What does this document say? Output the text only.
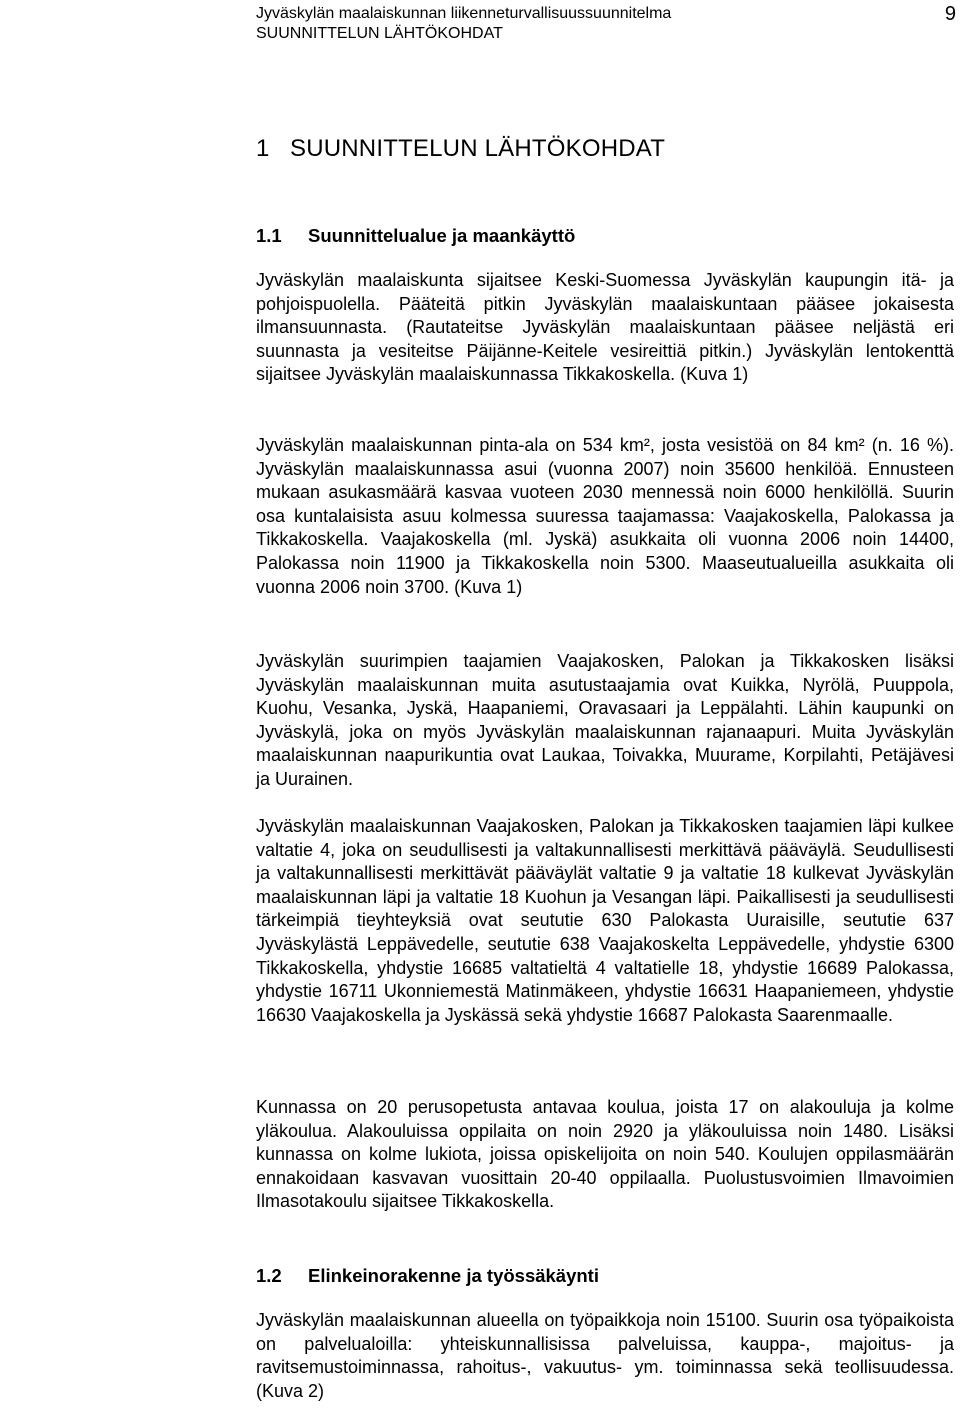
Jyväskylän maalaiskunnan liikenneturvallisuussuunnitelma
SUUNNITTELUN LÄHTÖKOHDAT
9
1 SUUNNITTELUN LÄHTÖKOHDAT
1.1 Suunnittelualue ja maankäyttö

Jyväskylän maalaiskunta sijaitsee Keski-Suomessa Jyväskylän kaupungin itä- ja pohjoispuolella. Pääteitä pitkin Jyväskylän maalaiskuntaan pääsee jokaisesta ilmansuunnasta. (Rautateitse Jyväskylän maalaiskuntaan pääsee neljästä eri suunnasta ja vesiteitse Päijänne-Keitele vesireittiä pitkin.) Jyväskylän lentokenttä sijaitsee Jyväskylän maalaiskunnassa Tikkakoskella. (Kuva 1)

Jyväskylän maalaiskunnan pinta-ala on 534 km², josta vesistöä on 84 km² (n. 16 %). Jyväskylän maalaiskunnassa asui (vuonna 2007) noin 35600 henkilöä. Ennusteen mukaan asukasmäärä kasvaa vuoteen 2030 mennessä noin 6000 henkilöllä. Suurin osa kuntalaisista asuu kolmessa suuressa taajamassa: Vaajakoskella, Palokassa ja Tikkakoskella. Vaajakoskella (ml. Jyskä) asukkaita oli vuonna 2006 noin 14400, Palokassa noin 11900 ja Tikkakoskella noin 5300. Maaseutualueilla asukkaita oli vuonna 2006 noin 3700. (Kuva 1)

Jyväskylän suurimpien taajamien Vaajakosken, Palokan ja Tikkakosken lisäksi Jyväskylän maalaiskunnan muita asutustaajamia ovat Kuikka, Nyrölä, Puuppola, Kuohu, Vesanka, Jyskä, Haapaniemi, Oravasaari ja Leppälahti. Lähin kaupunki on Jyväskylä, joka on myös Jyväskylän maalaiskunnan rajanaapuri. Muita Jyväskylän maalaiskunnan naapurikuntia ovat Laukaa, Toivakka, Muurame, Korpilahti, Petäjävesi ja Uurainen.

Jyväskylän maalaiskunnan Vaajakosken, Palokan ja Tikkakosken taajamien läpi kulkee valtatie 4, joka on seudullisesti ja valtakunnallisesti merkittävä pääväylä. Seudullisesti ja valtakunnallisesti merkittävät pääväylät valtatie 9 ja valtatie 18 kulkevat Jyväskylän maalaiskunnan läpi ja valtatie 18 Kuohun ja Vesangan läpi. Paikallisesti ja seudullisesti tärkeimpiä tieyhteyksiä ovat seututie 630 Palokasta Uuraisille, seututie 637 Jyväskylästä Leppävedelle, seututie 638 Vaajakoskelta Leppävedelle, yhdystie 6300 Tikkakoskella, yhdystie 16685 valtatieltä 4 valtatielle 18, yhdystie 16689 Palokassa, yhdystie 16711 Ukonniemestä Matinmäkeen, yhdystie 16631 Haapaniemeen, yhdystie 16630 Vaajakoskella ja Jyskässä sekä yhdystie 16687 Palokasta Saarenmaalle.

Kunnassa on 20 perusopetusta antavaa koulua, joista 17 on alakouluja ja kolme yläkoulua. Alakouluissa oppilaita on noin 2920 ja yläkouluissa noin 1480. Lisäksi kunnassa on kolme lukiota, joissa opiskelijoita on noin 540. Koulujen oppilasmäärän ennakoidaan kasvavan vuosittain 20-40 oppilaalla. Puolustusvoimien Ilmavoimien Ilmasotakoulu sijaitsee Tikkakoskella.

1.2 Elinkeinorakenne ja työssäkäynti

Jyväskylän maalaiskunnan alueella on työpaikkoja noin 15100. Suurin osa työpaikoista on palvelualoilla: yhteiskunnallisissa palveluissa, kauppa-, majoitus- ja ravitsemustoiminnassa, rahoitus-, vakuutus- ym. toiminnassa sekä teollisuudessa. (Kuva 2)
